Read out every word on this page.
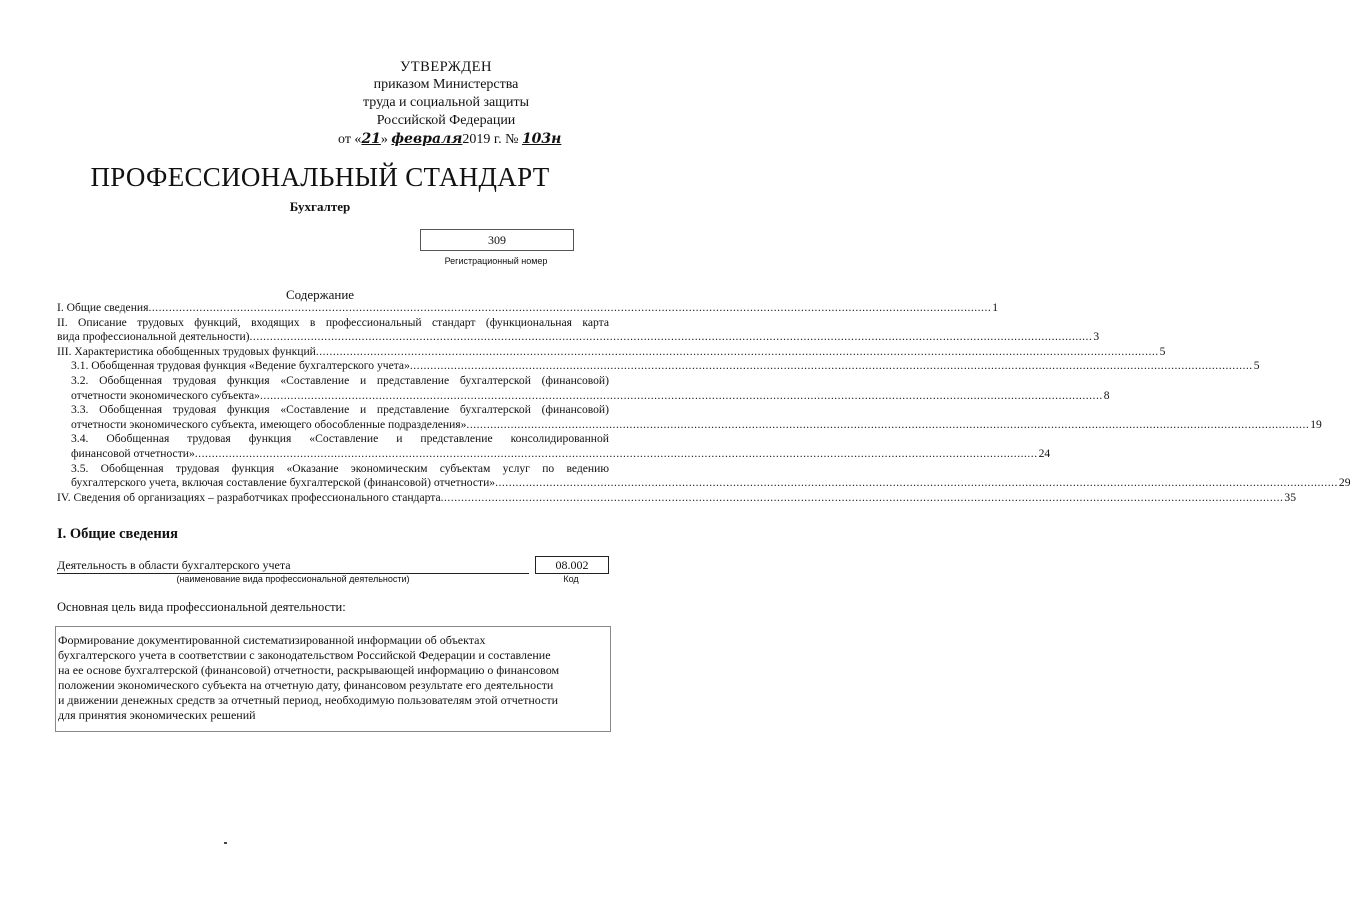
УТВЕРЖДЕН
приказом Министерства
труда и социальной защиты
Российской Федерации
от «21» февраля2019 г. № 103н
ПРОФЕССИОНАЛЬНЫЙ СТАНДАРТ
Бухгалтер
309
Регистрационный номер
Содержание
I. Общие сведения .....	1
II. Описание трудовых функций, входящих в профессиональный стандарт (функциональная карта
вида профессиональной деятельности) .....	3
III. Характеристика обобщенных трудовых функций .....	5
3.1. Обобщенная трудовая функция «Ведение бухгалтерского учета» .....	5
3.2. Обобщенная трудовая функция «Составление и представление бухгалтерской (финансовой)
отчетности экономического субъекта» .....	8
3.3. Обобщенная трудовая функция «Составление и представление бухгалтерской (финансовой)
отчетности экономического субъекта, имеющего обособленные подразделения» .....	19
3.4. Обобщенная трудовая функция «Составление и представление консолидированной
финансовой отчетности» .....	24
3.5. Обобщенная трудовая функция «Оказание экономическим субъектам услуг по ведению
бухгалтерского учета, включая составление бухгалтерской (финансовой) отчетности» .....	29
IV. Сведения об организациях – разработчиках профессионального стандарта .....	35
I. Общие сведения
Деятельность в области бухгалтерского учета
(наименование вида профессиональной деятельности)
08.002
Код
Основная цель вида профессиональной деятельности:
Формирование документированной систематизированной информации об объектах
бухгалтерского учета в соответствии с законодательством Российской Федерации и составление
на ее основе бухгалтерской (финансовой) отчетности, раскрывающей информацию о финансовом
положении экономического субъекта на отчетную дату, финансовом результате его деятельности
и движении денежных средств за отчетный период, необходимую пользователям этой отчетности
для принятия экономических решений
